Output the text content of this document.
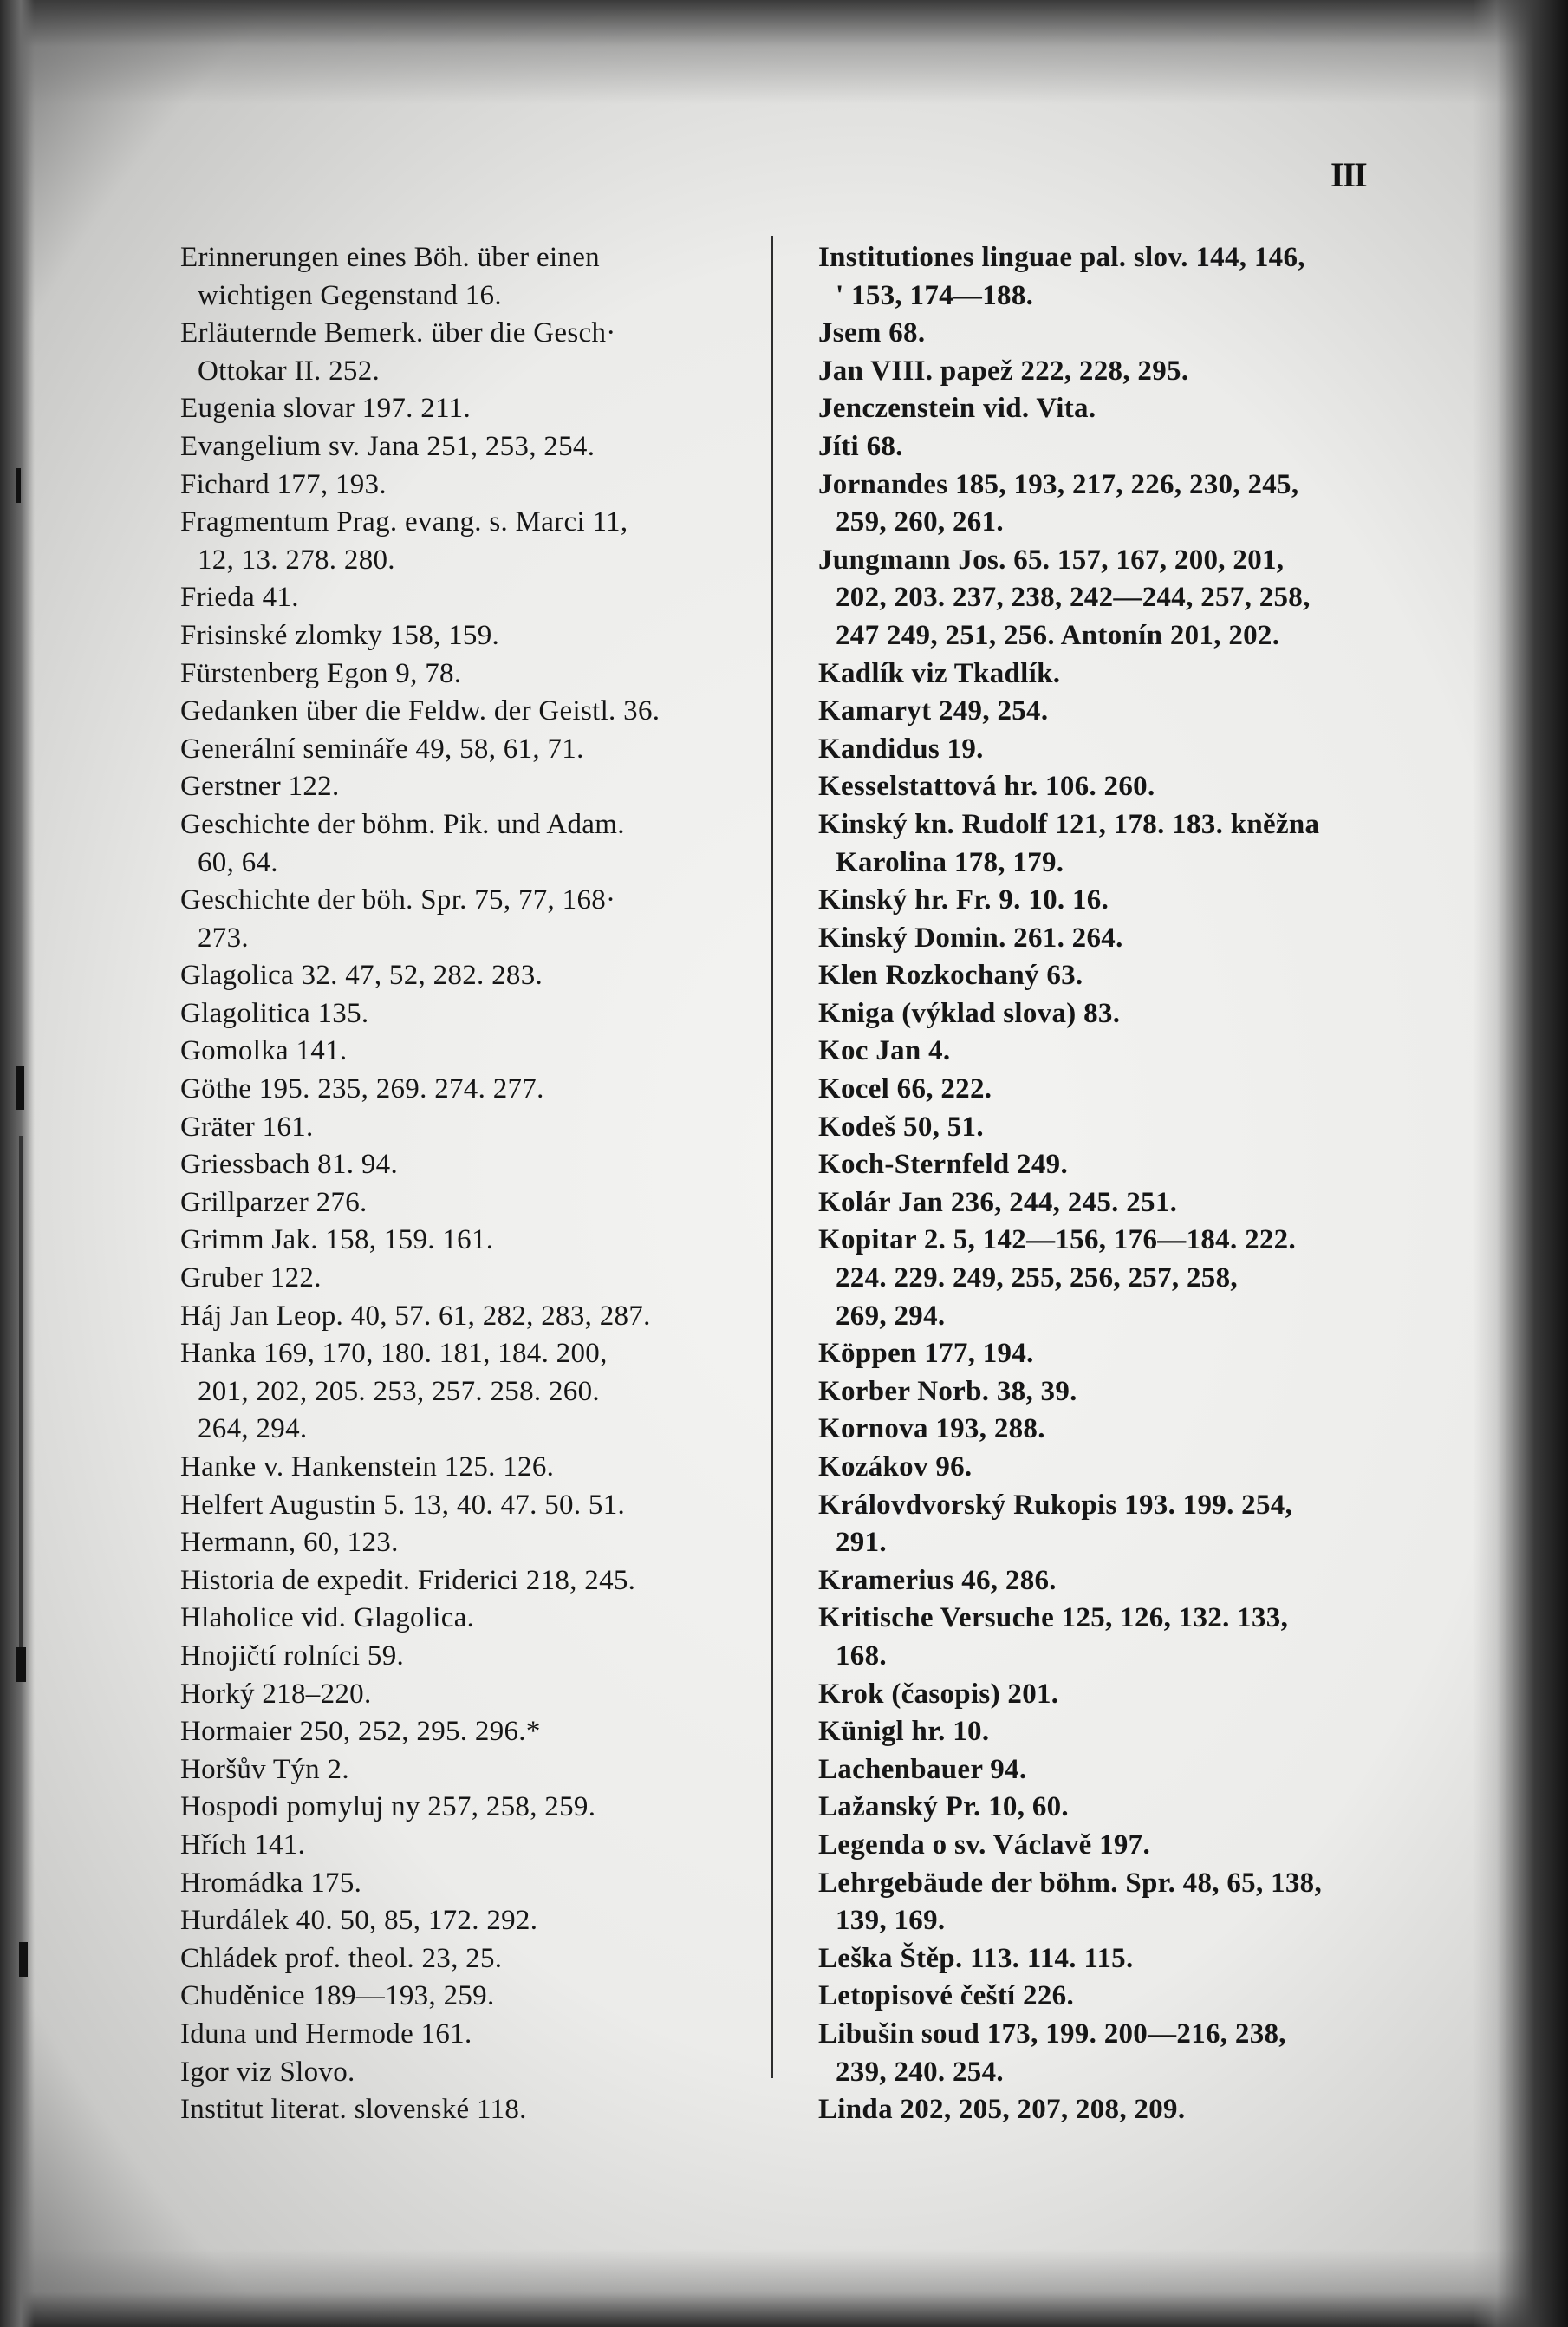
III
Erinnerungen eines Böh. über einen
wichtigen Gegenstand 16.
Erläuternde Bemerk. über die Gesch·
Ottokar II. 252.
Eugenia slovar 197. 211.
Evangelium sv. Jana 251, 253, 254.
Fichard 177, 193.
Fragmentum Prag. evang. s. Marci 11,
12, 13. 278. 280.
Frieda 41.
Frisinské zlomky 158, 159.
Fürstenberg Egon 9, 78.
Gedanken über die Feldw. der Geistl. 36.
Generální semináře 49, 58, 61, 71.
Gerstner 122.
Geschichte der böhm. Pik. und Adam.
60, 64.
Geschichte der böh. Spr. 75, 77, 168·
273.
Glagolica 32. 47, 52, 282. 283.
Glagolitica 135.
Gomolka 141.
Göthe 195. 235, 269. 274. 277.
Gräter 161.
Griessbach 81. 94.
Grillparzer 276.
Grimm Jak. 158, 159. 161.
Gruber 122.
Háj Jan Leop. 40, 57. 61, 282, 283, 287.
Hanka 169, 170, 180. 181, 184. 200,
201, 202, 205. 253, 257. 258. 260.
264, 294.
Hanke v. Hankenstein 125. 126.
Helfert Augustin 5. 13, 40. 47. 50. 51.
Hermann, 60, 123.
Historia de expedit. Friderici 218, 245.
Hlaholice vid. Glagolica.
Hnojičtí rolníci 59.
Horký 218–220.
Hormaier 250, 252, 295. 296.*
Horšův Týn 2.
Hospodi pomyluj ny 257, 258, 259.
Hřích 141.
Hromádka 175.
Hurdálek 40. 50, 85, 172. 292.
Chládek prof. theol. 23, 25.
Chuděnice 189—193, 259.
Iduna und Hermode 161.
Igor viz Slovo.
Institut literat. slovenské 118.
Institutiones linguae pal. slov. 144, 146,
' 153, 174—188.
Jsem 68.
Jan VIII. papež 222, 228, 295.
Jenczenstein vid. Vita.
Jíti 68.
Jornandes 185, 193, 217, 226, 230, 245,
259, 260, 261.
Jungmann Jos. 65. 157, 167, 200, 201,
202, 203. 237, 238, 242—244, 257, 258,
247 249, 251, 256. Antonín 201, 202.
Kadlík viz Tkadlík.
Kamaryt 249, 254.
Kandidus 19.
Kesselstattová hr. 106. 260.
Kinský kn. Rudolf 121, 178. 183. kněžna
Karolina 178, 179.
Kinský hr. Fr. 9. 10. 16.
Kinský Domin. 261. 264.
Klen Rozkochaný 63.
Kniga (výklad slova) 83.
Koc Jan 4.
Kocel 66, 222.
Kodeš 50, 51.
Koch-Sternfeld 249.
Kolár Jan 236, 244, 245. 251.
Kopitar 2. 5, 142—156, 176—184. 222.
224. 229. 249, 255, 256, 257, 258,
269, 294.
Köppen 177, 194.
Korber Norb. 38, 39.
Kornova 193, 288.
Kozákov 96.
Královdvorský Rukopis 193. 199. 254,
291.
Kramerius 46, 286.
Kritische Versuche 125, 126, 132. 133,
168.
Krok (časopis) 201.
Künigl hr. 10.
Lachenbauer 94.
Lažanský Pr. 10, 60.
Legenda o sv. Václavě 197.
Lehrgebäude der böhm. Spr. 48, 65, 138,
139, 169.
Leška Štěp. 113. 114. 115.
Letopisové čeští 226.
Libušin soud 173, 199. 200—216, 238,
239, 240. 254.
Linda 202, 205, 207, 208, 209.
